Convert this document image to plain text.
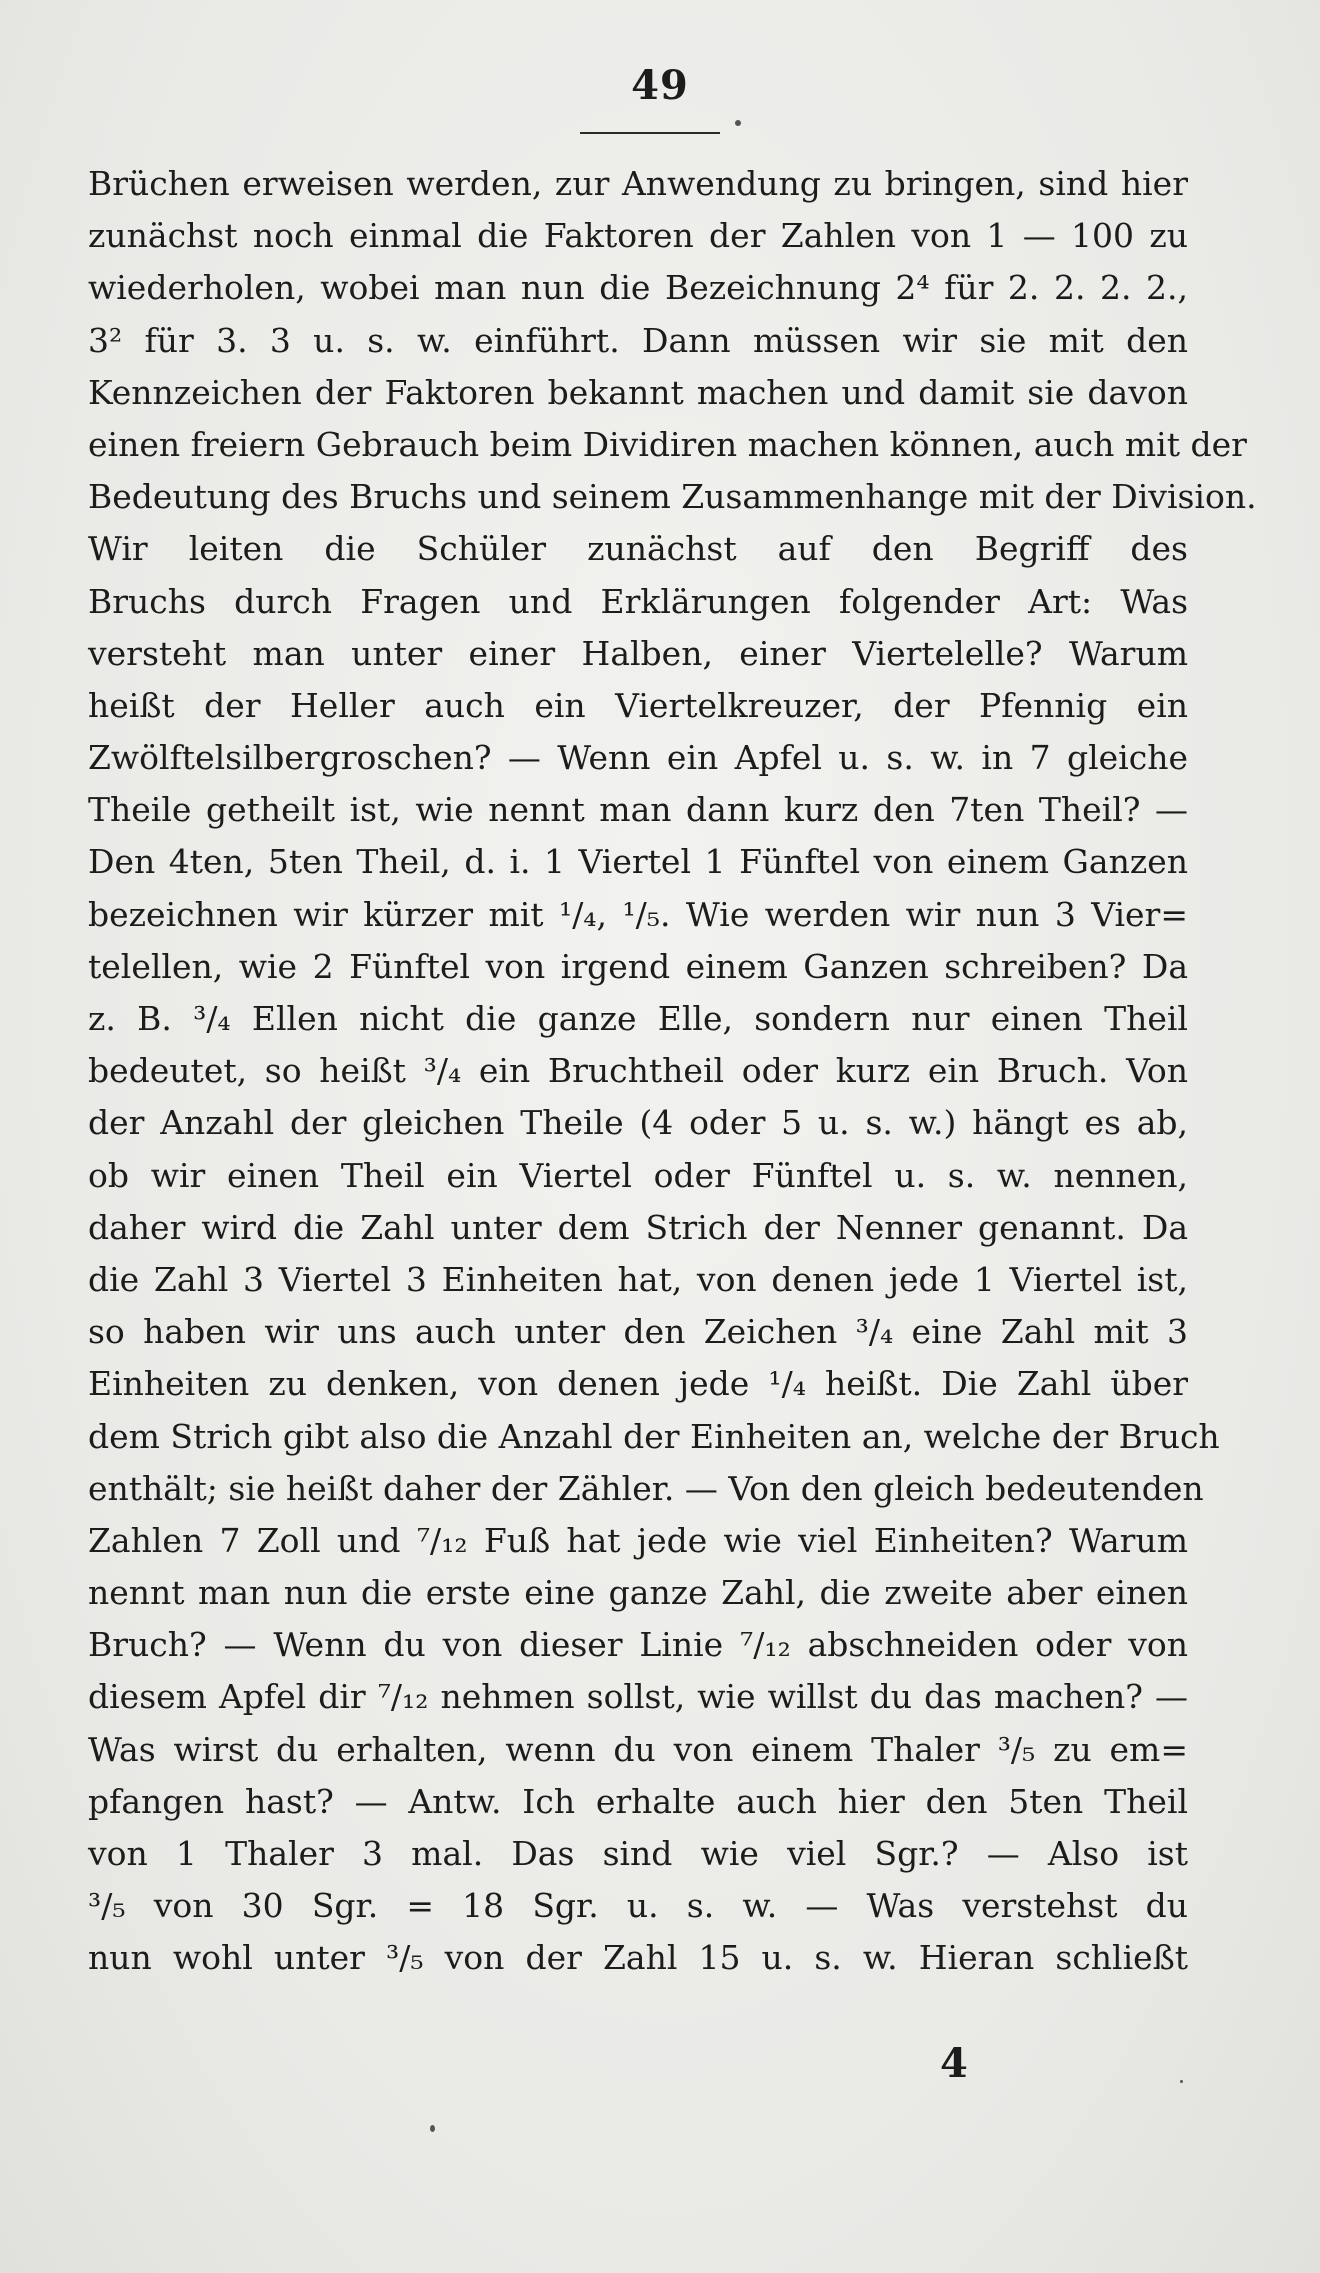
49
Brüchen erweisen werden, zur Anwendung zu bringen, sind hier
zunächst noch einmal die Faktoren der Zahlen von 1 — 100 zu
wiederholen, wobei man nun die Bezeichnung 2⁴ für 2. 2. 2. 2.,
3² für 3. 3 u. s. w. einführt. Dann müssen wir sie mit den
Kennzeichen der Faktoren bekannt machen und damit sie davon
einen freiern Gebrauch beim Dividiren machen können, auch mit der
Bedeutung des Bruchs und seinem Zusammenhange mit der Division.
Wir leiten die Schüler zunächst auf den Begriff des
Bruchs durch Fragen und Erklärungen folgender Art: Was
versteht man unter einer Halben, einer Viertelelle? Warum
heißt der Heller auch ein Viertelkreuzer, der Pfennig ein
Zwölftelsilbergroschen? — Wenn ein Apfel u. s. w. in 7 gleiche
Theile getheilt ist, wie nennt man dann kurz den 7ten Theil? —
Den 4ten, 5ten Theil, d. i. 1 Viertel 1 Fünftel von einem Ganzen
bezeichnen wir kürzer mit ¹/₄, ¹/₅. Wie werden wir nun 3 Vier=
telellen, wie 2 Fünftel von irgend einem Ganzen schreiben? Da
z. B. ³/₄ Ellen nicht die ganze Elle, sondern nur einen Theil
bedeutet, so heißt ³/₄ ein Bruchtheil oder kurz ein Bruch. Von
der Anzahl der gleichen Theile (4 oder 5 u. s. w.) hängt es ab,
ob wir einen Theil ein Viertel oder Fünftel u. s. w. nennen,
daher wird die Zahl unter dem Strich der Nenner genannt. Da
die Zahl 3 Viertel 3 Einheiten hat, von denen jede 1 Viertel ist,
so haben wir uns auch unter den Zeichen ³/₄ eine Zahl mit 3
Einheiten zu denken, von denen jede ¹/₄ heißt. Die Zahl über
dem Strich gibt also die Anzahl der Einheiten an, welche der Bruch
enthält; sie heißt daher der Zähler. — Von den gleich bedeutenden
Zahlen 7 Zoll und ⁷/₁₂ Fuß hat jede wie viel Einheiten? Warum
nennt man nun die erste eine ganze Zahl, die zweite aber einen
Bruch? — Wenn du von dieser Linie ⁷/₁₂ abschneiden oder von
diesem Apfel dir ⁷/₁₂ nehmen sollst, wie willst du das machen? —
Was wirst du erhalten, wenn du von einem Thaler ³/₅ zu em=
pfangen hast? — Antw. Ich erhalte auch hier den 5ten Theil
von 1 Thaler 3 mal. Das sind wie viel Sgr.? — Also ist
³/₅ von 30 Sgr. = 18 Sgr. u. s. w. — Was verstehst du
nun wohl unter ³/₅ von der Zahl 15 u. s. w. Hieran schließt
4
